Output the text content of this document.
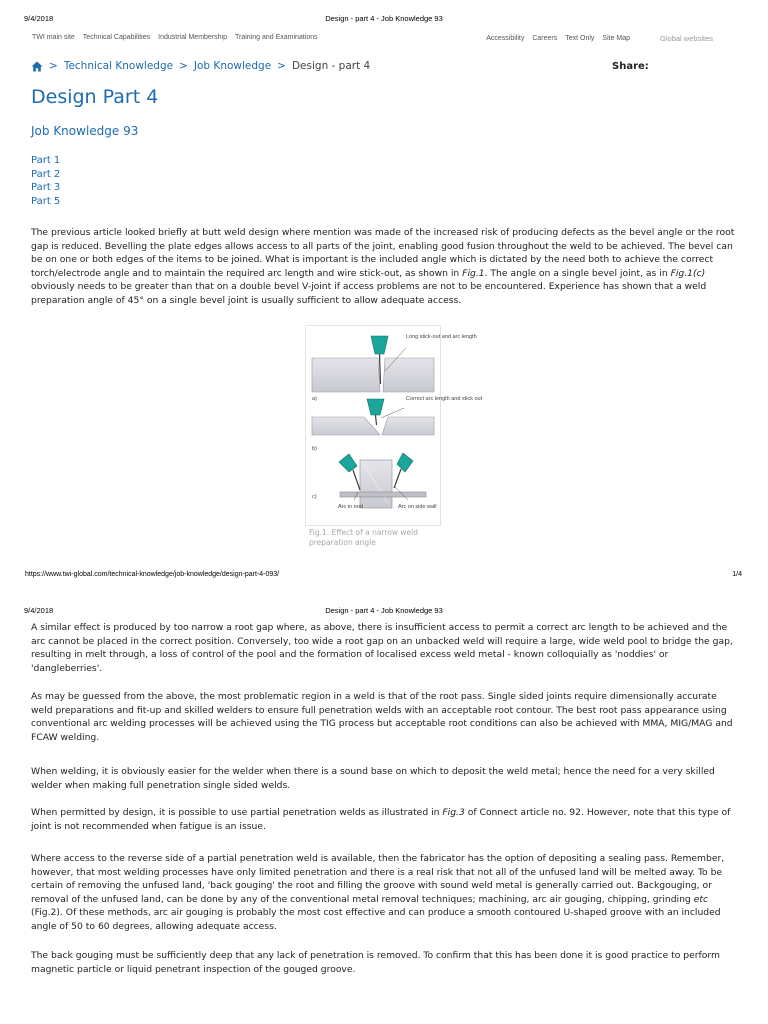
9/4/2018	Design - part 4 - Job Knowledge 93
TWI main site Technical Capabilities Industrial Membership Training and Examinations	Accessibility Careers Text Only Site Map	Global websites
> Technical Knowledge > Job Knowledge > Design - part 4	Share:
Design Part 4
Job Knowledge 93
Part 1
Part 2
Part 3
Part 5

The previous article looked briefly at butt weld design where mention was made of the increased risk of producing defects as the bevel angle or the root gap is reduced. Bevelling the plate edges allows access to all parts of the joint, enabling good fusion throughout the weld to be achieved. The bevel can be on one or both edges of the items to be joined. What is important is the included angle which is dictated by the need both to achieve the correct torch/electrode angle and to maintain the required arc length and wire stick-out, as shown in Fig.1. The angle on a single bevel joint, as in Fig.1(c) obviously needs to be greater than that on a double bevel V-joint if access problems are not to be encountered. Experience has shown that a weld preparation angle of 45° on a single bevel joint is usually sufficient to allow adequate access.

Long stick-out and arc length
a)	Correct arc length and stick out
b)
c)
Arc in root	Arc on side wall
Fig.1. Effect of a narrow weld preparation angle
https://www.twi-global.com/technical-knowledge/job-knowledge/design-part-4-093/	1/4
9/4/2018	Design - part 4 - Job Knowledge 93

A similar effect is produced by too narrow a root gap where, as above, there is insufficient access to permit a correct arc length to be achieved and the arc cannot be placed in the correct position. Conversely, too wide a root gap on an unbacked weld will require a large, wide weld pool to bridge the gap, resulting in melt through, a loss of control of the pool and the formation of localised excess weld metal - known colloquially as 'noddies' or 'dangleberries'.

As may be guessed from the above, the most problematic region in a weld is that of the root pass. Single sided joints require dimensionally accurate weld preparations and fit-up and skilled welders to ensure full penetration welds with an acceptable root contour. The best root pass appearance using conventional arc welding processes will be achieved using the TIG process but acceptable root conditions can also be achieved with MMA, MIG/MAG and FCAW welding.

When welding, it is obviously easier for the welder when there is a sound base on which to deposit the weld metal; hence the need for a very skilled welder when making full penetration single sided welds.

When permitted by design, it is possible to use partial penetration welds as illustrated in Fig.3 of Connect article no. 92. However, note that this type of joint is not recommended when fatigue is an issue.

Where access to the reverse side of a partial penetration weld is available, then the fabricator has the option of depositing a sealing pass. Remember, however, that most welding processes have only limited penetration and there is a real risk that not all of the unfused land will be melted away. To be certain of removing the unfused land, 'back gouging' the root and filling the groove with sound weld metal is generally carried out. Backgouging, or removal of the unfused land, can be done by any of the conventional metal removal techniques; machining, arc air gouging, chipping, grinding etc (Fig.2). Of these methods, arc air gouging is probably the most cost effective and can produce a smooth contoured U-shaped groove with an included angle of 50 to 60 degrees, allowing adequate access.

The back gouging must be sufficiently deep that any lack of penetration is removed. To confirm that this has been done it is good practice to perform magnetic particle or liquid penetrant inspection of the gouged groove.
